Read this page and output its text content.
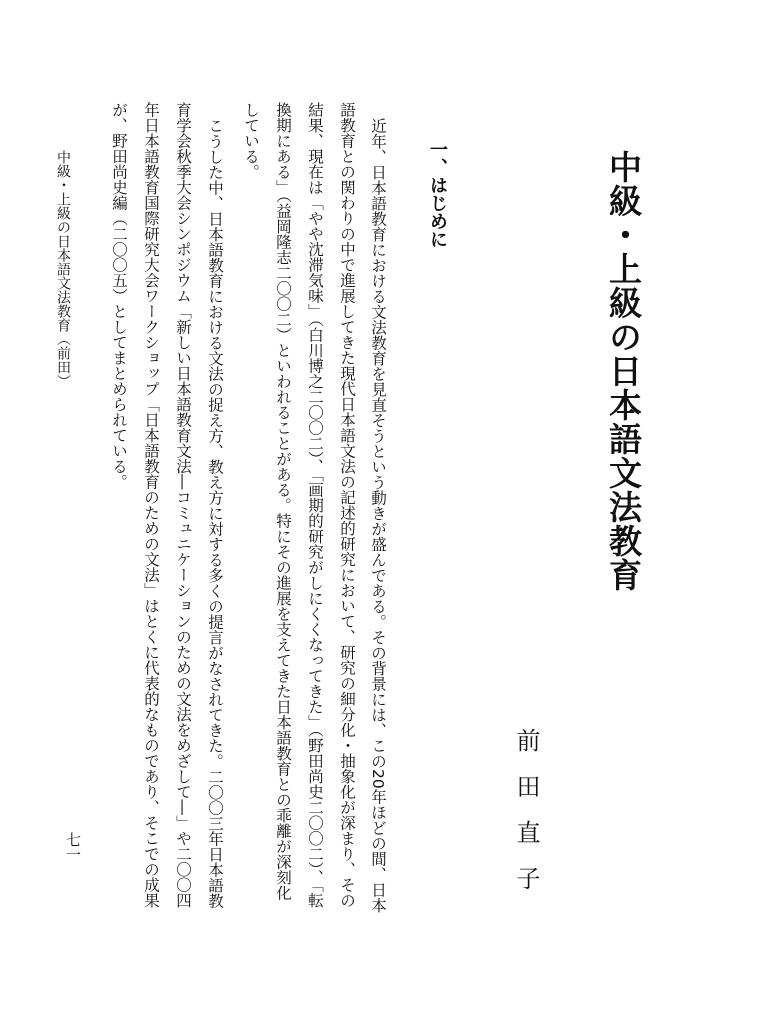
中級・上級の日本語文法教育
前田直子
一、はじめに

近年、日本語教育における文法教育を見直そうという動きが盛んである。その背景には、この20年ほどの間、日本

語教育との関わりの中で進展してきた現代日本語文法の記述的研究において、研究の細分化・抽象化が深まり、その

結果、現在は「やや沈滞気味」（白川博之二〇〇二）、「画期的研究がしにくくなってきた」（野田尚史二〇〇二）、「転

換期にある」（益岡隆志二〇〇二）といわれることがある。特にその進展を支えてきた日本語教育との乖離が深刻化

している。

こうした中、日本語教育における文法の捉え方、教え方に対する多くの提言がなされてきた。二〇〇三年日本語教

育学会秋季大会シンポジウム「新しい日本語教育文法―コミュニケーションのための文法をめざして―」や二〇〇四

年日本語教育国際研究大会ワークショップ「日本語教育のための文法」はとくに代表的なものであり、そこでの成果

が、野田尚史編（二〇〇五）としてまとめられている。

中級・上級の日本語文法教育（前田）
七一
